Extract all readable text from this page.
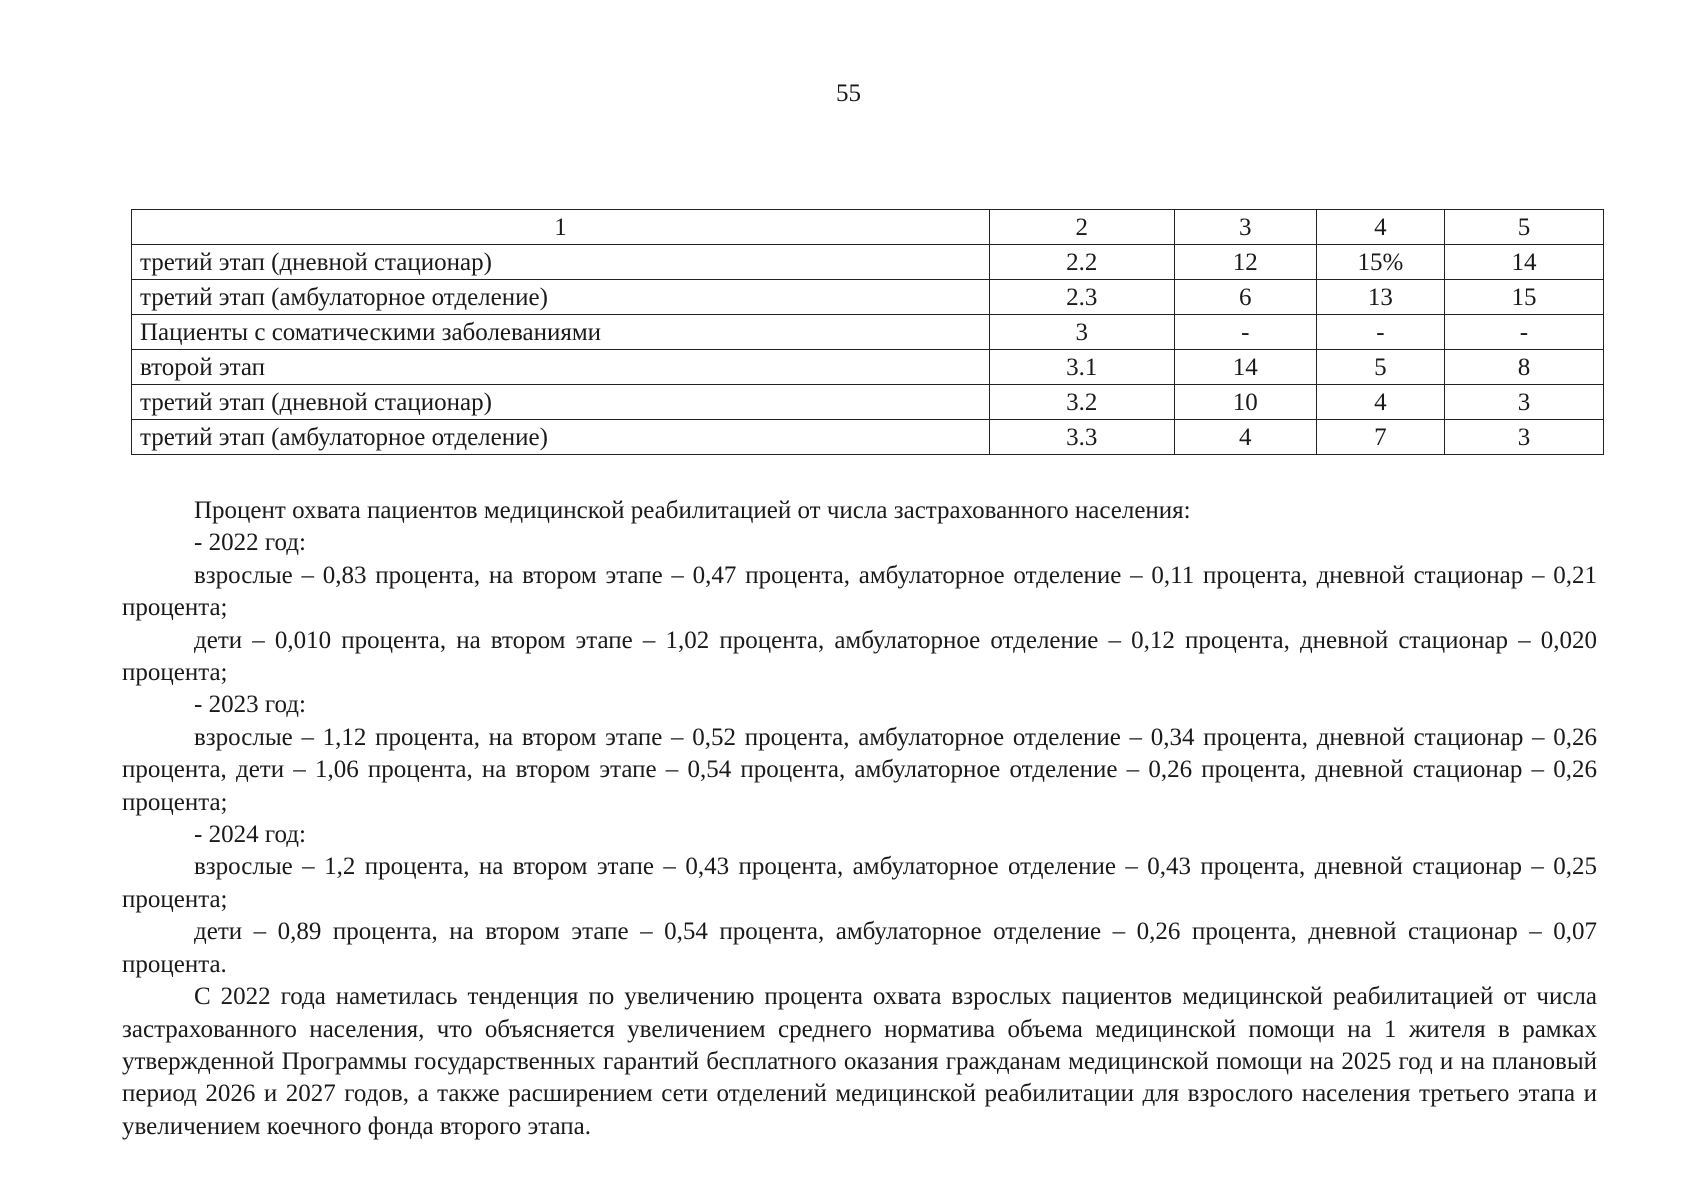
55
1	2	3	4	5
третий этап (дневной стационар)	2.2	12	15%	14
третий этап (амбулаторное отделение)	2.3	6	13	15
Пациенты с соматическими заболеваниями	3	-	-	-
второй этап	3.1	14	5	8
третий этап (дневной стационар)	3.2	10	4	3
третий этап (амбулаторное отделение)	3.3	4	7	3

Процент охвата пациентов медицинской реабилитацией от числа застрахованного населения:

- 2022 год:

взрослые – 0,83 процента, на втором этапе – 0,47 процента, амбулаторное отделение – 0,11 процента, дневной стационар – 0,21 процента;

дети – 0,010 процента, на втором этапе – 1,02 процента, амбулаторное отделение – 0,12 процента, дневной стационар – 0,020 процента;

- 2023 год:

взрослые – 1,12 процента, на втором этапе – 0,52 процента, амбулаторное отделение – 0,34 процента, дневной стационар – 0,26 процента, дети – 1,06 процента, на втором этапе – 0,54 процента, амбулаторное отделение – 0,26 процента, дневной стационар – 0,26 процента;

- 2024 год:

взрослые – 1,2 процента, на втором этапе – 0,43 процента, амбулаторное отделение – 0,43 процента, дневной стационар – 0,25 процента;

дети – 0,89 процента, на втором этапе – 0,54 процента, амбулаторное отделение – 0,26 процента, дневной стационар – 0,07 процента.

С 2022 года наметилась тенденция по увеличению процента охвата взрослых пациентов медицинской реабилитацией от числа застрахованного населения, что объясняется увеличением среднего норматива объема медицинской помощи на 1 жителя в рамках утвержденной Программы государственных гарантий бесплатного оказания гражданам медицинской помощи на 2025 год и на плановый период 2026 и 2027 годов, а также расширением сети отделений медицинской реабилитации для взрослого населения третьего этапа и увеличением коечного фонда второго этапа.
